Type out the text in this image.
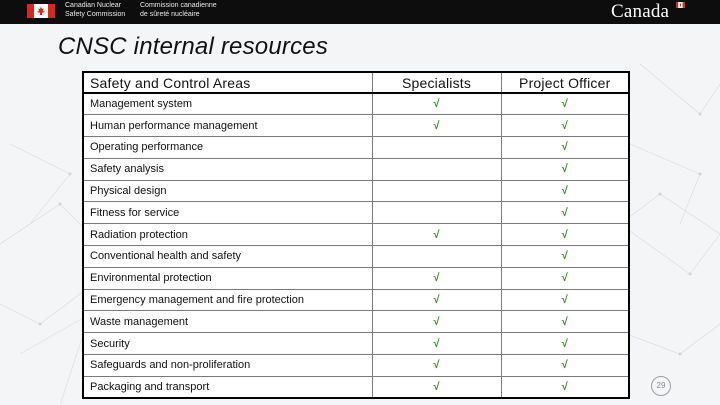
Canadian Nuclear
Safety Commission
Commission canadienne
de sûreté nucléaire	Canada
CNSC internal resources
Safety and Control Areas	Specialists	Project Officer
Management system	√	√
Human performance management	√	√
Operating performance		√
Safety analysis		√
Physical design		√
Fitness for service		√
Radiation protection	√	√
Conventional health and safety		√
Environmental protection	√	√
Emergency management and fire protection	√	√
Waste management	√	√
Security	√	√
Safeguards and non-proliferation	√	√
Packaging and transport	√	√	29
